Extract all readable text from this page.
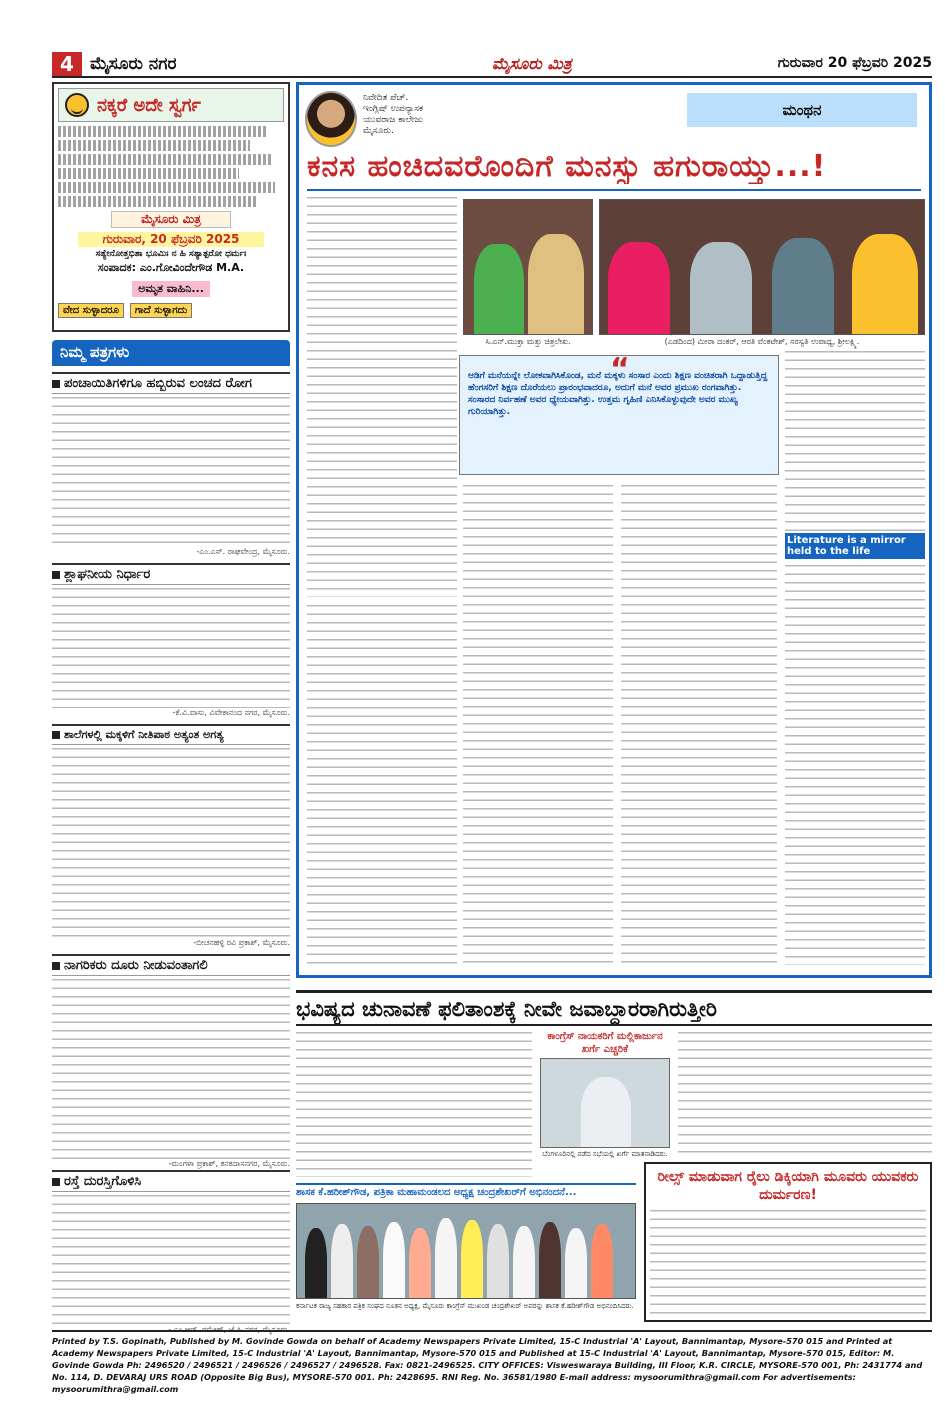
4 ಮೈಸೂರು ನಗರ	ಮೈಸೂರು ಮಿತ್ರ	ಗುರುವಾರ 20 ಫೆಬ್ರವರಿ 2025
ನಕ್ಕರೆ ಅದೇ ಸ್ವರ್ಗ
ಮೈಸೂರು ಮಿತ್ರ
ಗುರುವಾರ, 20 ಫೆಬ್ರವರಿ 2025
ಸತ್ಯೇನೋತ್ತಭಿತಾ ಭೂಮಿಃ ನ ಹಿ ಸತ್ಯಾತ್ಪರೋ ಧರ್ಮಃ
ಸಂಪಾದಕ: ಎಂ.ಗೋವಿಂದೇಗೌಡ M.A.
ಅಮೃತ ವಾಹಿನಿ...
ವೇದ ಸುಳ್ಳಾದರೂ	ಗಾದೆ ಸುಳ್ಳಾಗದು
ನಿಮ್ಮ ಪತ್ರಗಳು
ಪಂಚಾಯಿತಿಗಳಿಗೂ ಹಬ್ಬಿರುವ ಲಂಚದ ರೋಗ
-ಎಂ.ಎಸ್. ರಾಘವೇಂದ್ರ, ಮೈಸೂರು.
ಶ್ಲಾಘನೀಯ ನಿರ್ಧಾರ
-ಕೆ.ವಿ.ವಾಸು, ವಿವೇಕಾನಂದ ನಗರ, ಮೈಸೂರು.
ಶಾಲೆಗಳಲ್ಲಿ ಮಕ್ಕಳಿಗೆ ನೀತಿಪಾಠ ಅತ್ಯಂತ ಅಗತ್ಯ
-ಬೀಚನಹಳ್ಳಿ ರವಿ ಪ್ರಕಾಶ್, ಮೈಸೂರು.
ನಾಗರಿಕರು ದೂರು ನೀಡುವಂತಾಗಲಿ
-ಮಂಗಳಾ ಪ್ರಕಾಶ್, ಕನಕದಾಸನಗರ, ಮೈಸೂರು.
ರಸ್ತೆ ದುರಸ್ತಿಗೊಳಿಸಿ
- ಎಂ.ಆರ್. ರಮೇಶ್, ಜೆ.ಪಿ.ನಗರ, ಮೈಸೂರು.
ನಿವೇದಿತ ಪೆಚ್.
ಇಂಗ್ಲಿಷ್ ಉಪನ್ಯಾಸಕ
ಯುವರಾಜ ಕಾಲೇಜು
ಮೈಸೂರು.
ಮಂಥನ
ಕನಸ ಹಂಚಿದವರೊಂದಿಗೆ ಮನಸ್ಸು ಹಗುರಾಯ್ತು...!
ಸಿ.ಎನ್.ಮುಕ್ತಾ ಮತ್ತು ಚಿತ್ರಲೇಖ.	(ಎಡದಿಂದ) ಮೀರಾ ದಂಕರ್, ಆರತಿ ವೆಂಕಟೇಶ್, ಸರಸ್ವತಿ ಉಪಾಧ್ಯ, ಶ್ರೀಲಕ್ಷ್ಮಿ.
“
ಆಡಿಗೆ ಮನೆಯನ್ನೇ ಲೋಕವಾಗಿಸಿಕೊಂಡ, ಮನೆ ಮಕ್ಕಳು ಸಂಸಾರ ಎಂದು ಶಿಕ್ಷಣ ವಂಚಿತರಾಗಿ ಒದ್ದಾಡುತ್ತಿದ್ದ ಹೆಂಗಸರಿಗೆ ಶಿಕ್ಷಣ ದೊರೆಯಲು ಪ್ರಾರಂಭವಾದರೂ, ಅದುಗೆ ಮನೆ ಅವರ ಪ್ರಮುಖ ರಂಗವಾಗಿತ್ತು. ಸಂಸಾರದ ನಿರ್ವಹಣೆ ಅವರ ಧ್ಯೇಯವಾಗಿತ್ತು. ಉತ್ತಮ ಗೃಹಿಣಿ ಎನಿಸಿಕೊಳ್ಳುವುದೇ ಅವರ ಮುಖ್ಯ ಗುರಿಯಾಗಿತ್ತು.
Literature is a mirror held to the life
ಭವಿಷ್ಯದ ಚುನಾವಣೆ ಫಲಿತಾಂಶಕ್ಕೆ ನೀವೇ ಜವಾಬ್ದಾರರಾಗಿರುತ್ತೀರಿ
ಕಾಂಗ್ರೆಸ್ ನಾಯಕರಿಗೆ ಮಲ್ಲಿಕಾರ್ಜುನ ಖರ್ಗೆ ಎಚ್ಚರಿಕೆ
ಬೆಂಗಳೂರಿನಲ್ಲಿ ನಡೆದ ಸಭೆಯಲ್ಲಿ ಖರ್ಗೆ ಮಾತನಾಡಿದರು.
ಶಾಸಕ ಕೆ.ಹರೀಶ್‌ಗೌಡ, ಪತ್ರಿಕಾ ಮಹಾಮಂಡಲದ ಅಧ್ಯಕ್ಷ ಚಂದ್ರಶೇಖರ್‌ಗೆ ಅಭಿನಂದನೆ...
ಕರ್ನಾಟಕ ರಾಜ್ಯ ಸಹಕಾರ ಪತ್ರಿಕ ಸಂಘದ ನೂತನ ಅಧ್ಯಕ್ಷ, ಮೈಸೂರು ಕಾಂಗ್ರೆಸ್ ಮುಖಂಡ ಚಂದ್ರಶೇಖರ್ ಅವರನ್ನು ಶಾಸಕ ಕೆ.ಹರೀಶ್‌ಗೌಡ ಅಭಿನಂದಿಸಿದರು.
ರೀಲ್ಸ್ ಮಾಡುವಾಗ ರೈಲು ಡಿಕ್ಕಿಯಾಗಿ ಮೂವರು ಯುವಕರು ದುರ್ಮರಣ!
Printed by T.S. Gopinath, Published by M. Govinde Gowda on behalf of Academy Newspapers Private Limited, 15-C Industrial 'A' Layout, Bannimantap, Mysore-570 015 and Printed at Academy Newspapers Private Limited, 15-C Industrial 'A' Layout, Bannimantap, Mysore-570 015 and Published at 15-C Industrial 'A' Layout, Bannimantap, Mysore-570 015, Editor: M. Govinde Gowda Ph: 2496520 / 2496521 / 2496526 / 2496527 / 2496528. Fax: 0821-2496525. CITY OFFICES: Visweswaraya Building, III Floor, K.R. CIRCLE, MYSORE-570 001, Ph: 2431774 and No. 114, D. DEVARAJ URS ROAD (Opposite Big Bus), MYSORE-570 001. Ph: 2428695. RNI Reg. No. 36581/1980 E-mail address: mysoorumithra@gmail.com For advertisements: mysoorumithra@gmail.com
